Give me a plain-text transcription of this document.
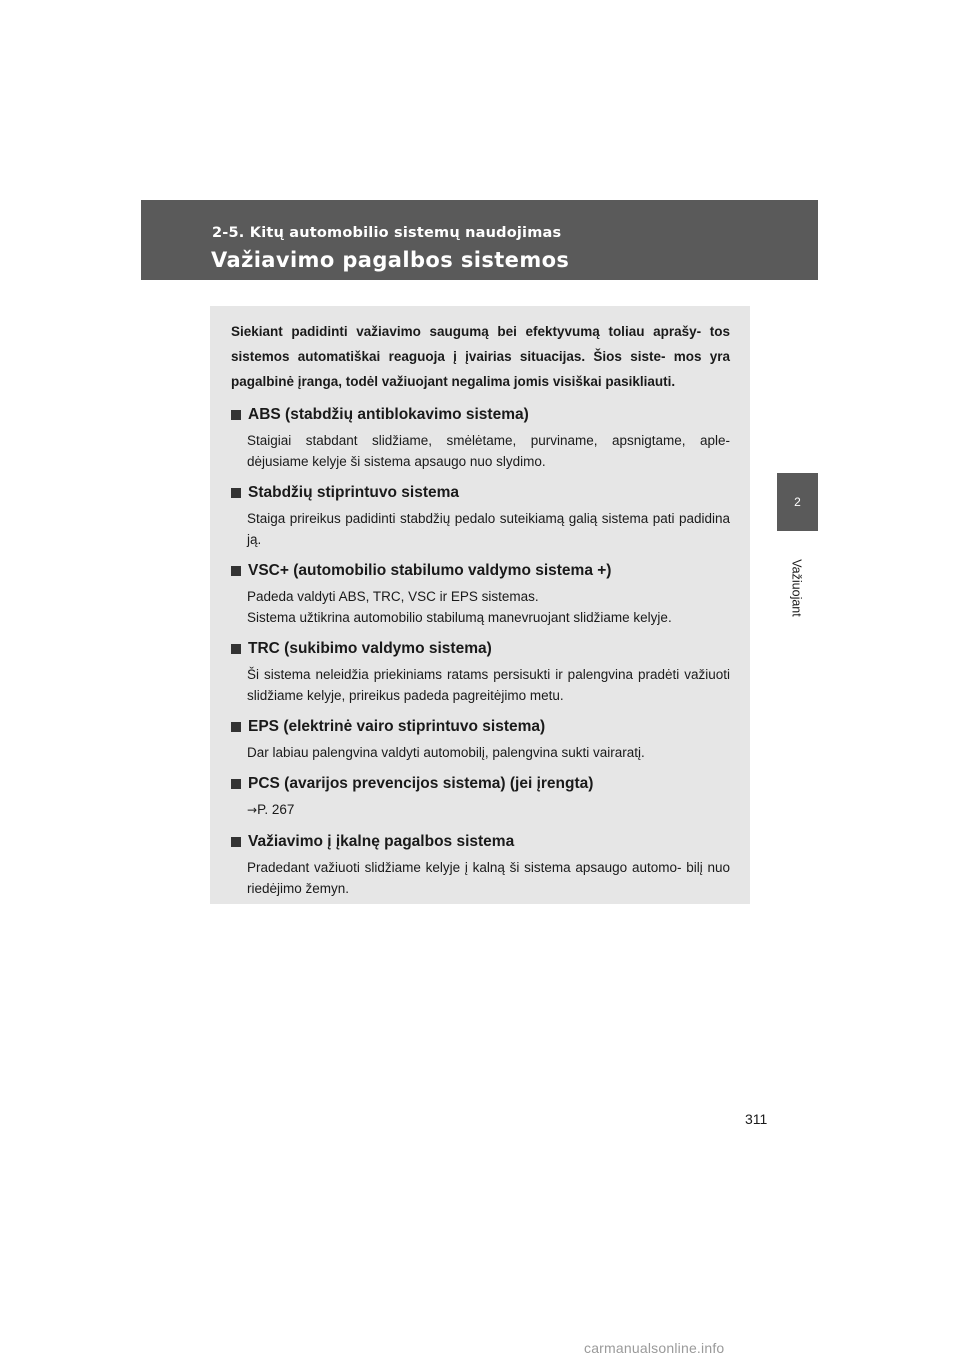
2-5. Kitų automobilio sistemų naudojimas
Važiavimo pagalbos sistemos
2
Važiuojant

Siekiant padidinti važiavimo saugumą bei efektyvumą toliau aprašy- tos sistemos automatiškai reaguoja į įvairias situacijas. Šios siste- mos yra pagalbinė įranga, todėl važiuojant negalima jomis visiškai pasikliauti.

ABS (stabdžių antiblokavimo sistema)

Staigiai stabdant slidžiame, smėlėtame, purviname, apsnigtame, aple- dėjusiame kelyje ši sistema apsaugo nuo slydimo.

Stabdžių stiprintuvo sistema

Staiga prireikus padidinti stabdžių pedalo suteikiamą galią sistema pati padidina ją.

VSC+ (automobilio stabilumo valdymo sistema +)

Padeda valdyti ABS, TRC, VSC ir EPS sistemas.
Sistema užtikrina automobilio stabilumą manevruojant slidžiame kelyje.

TRC (sukibimo valdymo sistema)

Ši sistema neleidžia priekiniams ratams persisukti ir palengvina pradėti važiuoti slidžiame kelyje, prireikus padeda pagreitėjimo metu.

EPS (elektrinė vairo stiprintuvo sistema)

Dar labiau palengvina valdyti automobilį, palengvina sukti vairaratį.

PCS (avarijos prevencijos sistema) (jei įrengta)

→P. 267

Važiavimo į įkalnę pagalbos sistema

Pradedant važiuoti slidžiame kelyje į kalną ši sistema apsaugo automo- bilį nuo riedėjimo žemyn.

311
carmanualsonline.info
